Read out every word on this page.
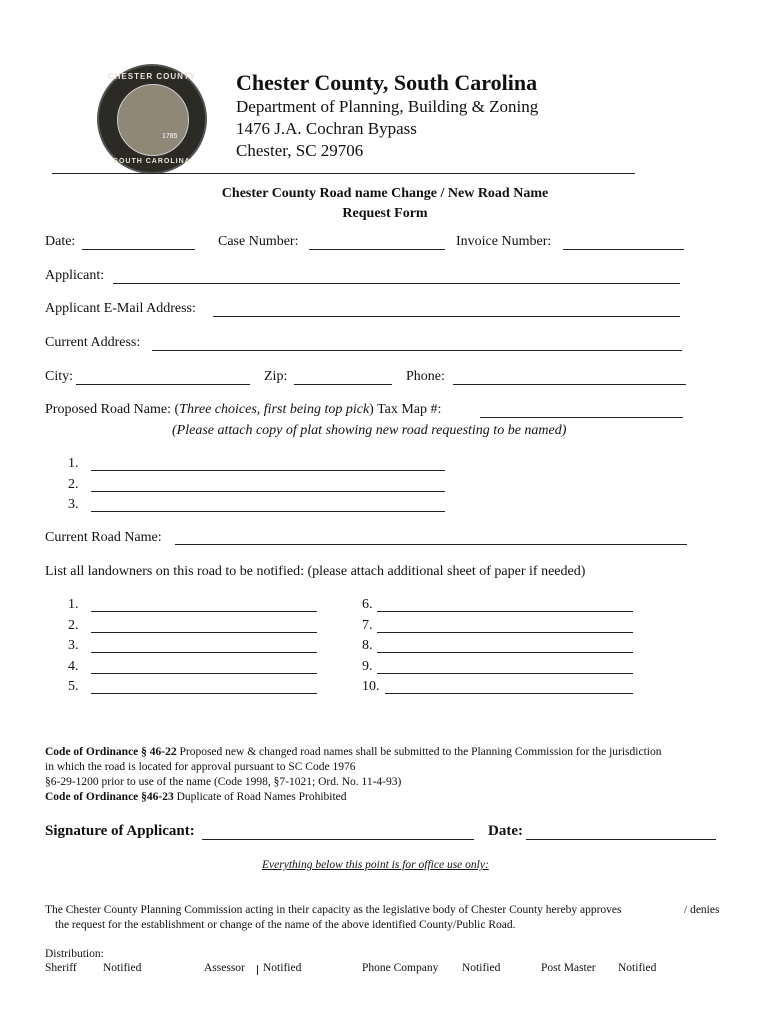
CHESTER COUNTY
1785
SOUTH CAROLINA
Chester County, South Carolina
Department of Planning, Building & Zoning
1476 J.A. Cochran Bypass
Chester, SC 29706
Chester County Road name Change / New Road Name
Request Form
Date:	Case Number:	Invoice Number:
Applicant:
Applicant E-Mail Address:
Current Address:
City:	Zip:	Phone:
Proposed Road Name: (Three choices, first being top pick) Tax Map #:
(Please attach copy of plat showing new road requesting to be named)
1.
2.
3.
Current Road Name:
List all landowners on this road to be notified: (please attach additional sheet of paper if needed)
1.
2.
3.
4.
5.
6.
7.
8.
9.
10.
Code of Ordinance § 46-22 Proposed new & changed road names shall be submitted to the Planning Commission for the jurisdiction
in which the road is located for approval pursuant to SC Code 1976
§6-29-1200 prior to use of the name (Code 1998, §7-1021; Ord. No. 11-4-93)
Code of Ordinance §46-23 Duplicate of Road Names Prohibited
Signature of Applicant:	Date:
Everything below this point is for office use only:
The Chester County Planning Commission acting in their capacity as the legislative body of Chester County hereby approves	/ denies
the request for the establishment or change of the name of the above identified County/Public Road.
Distribution:
Sheriff Notified	Assessor Notified	Phone Company Notified	Post Master Notified
